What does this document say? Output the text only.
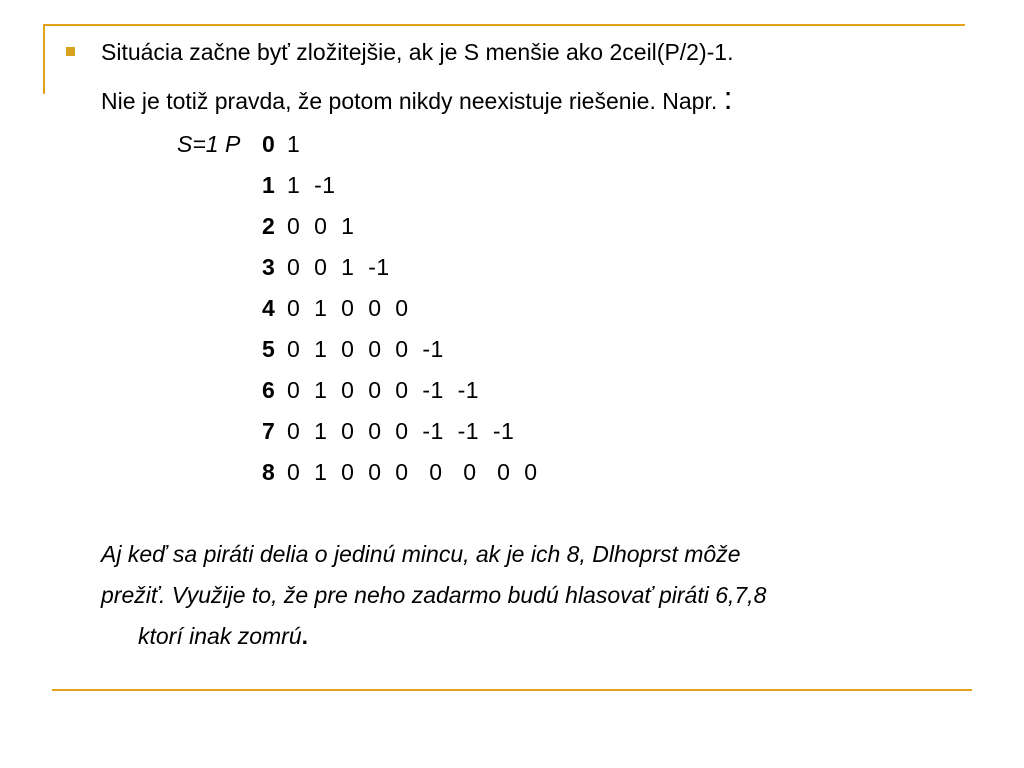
Situácia začne byť zložitejšie, ak je S menšie ako 2ceil(P/2)-1.
Nie je totiž pravda, že potom nikdy neexistuje riešenie. Napr. :
S=1 P 0 1
1 1  -1
2 0  0  1
3 0  0  1  -1
4 0  1  0  0  0
5 0  1  0  0  0  -1
6 0  1  0  0  0  -1  -1
7 0  1  0  0  0  -1  -1  -1
8 0  1  0  0  0   0   0   0  0
Aj keď sa piráti delia o jedinú mincu, ak je ich 8, Dlhoprst môže
prežiť. Využije to, že pre neho zadarmo budú hlasovať piráti 6,7,8
ktorí inak zomrú.
